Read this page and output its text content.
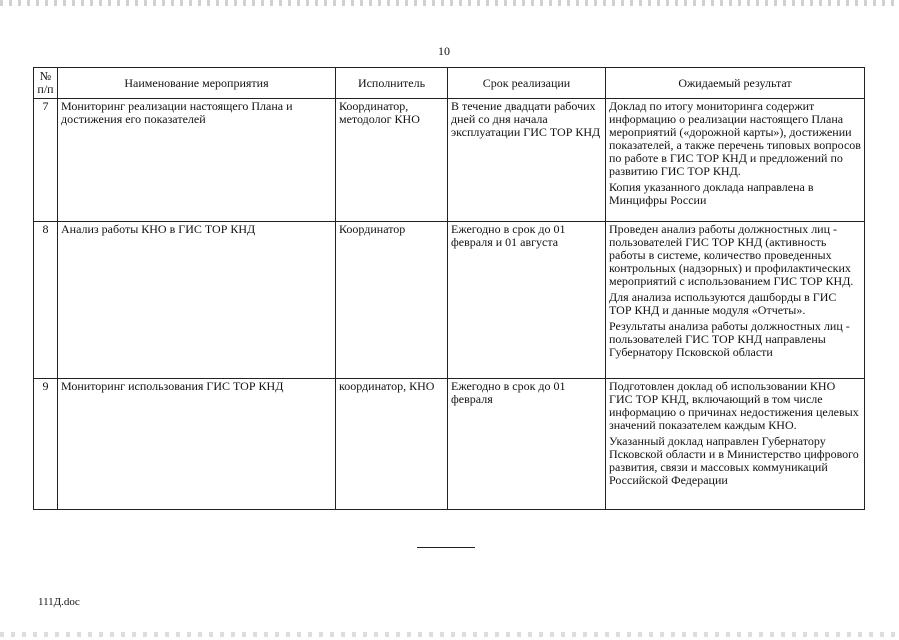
10
№ п/п	Наименование мероприятия	Исполнитель	Срок реализации	Ожидаемый результат
7	Мониторинг реализации настоящего Плана и достижения его показателей	Координатор, методолог КНО	В течение двадцати рабочих дней со дня начала эксплуатации ГИС ТОР КНД	Доклад по итогу мониторинга содержит информацию о реализации настоящего Плана мероприятий («дорожной карты»), достижении показателей, а также перечень типовых вопросов по работе в ГИС ТОР КНД и предложений по развитию ГИС ТОР КНД.

Копия указанного доклада направлена в Минцифры России

8	Анализ работы КНО в ГИС ТОР КНД	Координатор	Ежегодно в срок до 01 февраля и 01 августа	Проведен анализ работы должностных лиц - пользователей ГИС ТОР КНД (активность работы в системе, количество проведенных контрольных (надзорных) и профилактических мероприятий с использованием ГИС ТОР КНД.

Для анализа используются дашборды в ГИС ТОР КНД и данные модуля «Отчеты».

Результаты анализа работы должностных лиц - пользователей ГИС ТОР КНД направлены Губернатору Псковской области

9	Мониторинг использования ГИС ТОР КНД	координатор, КНО	Ежегодно в срок до 01 февраля	Подготовлен доклад об использовании КНО ГИС ТОР КНД, включающий в том числе информацию о причинах недостижения целевых значений показателем каждым КНО.

Указанный доклад направлен Губернатору Псковской области и в Министерство цифрового развития, связи и массовых коммуникаций Российской Федерации

111Д.doc
